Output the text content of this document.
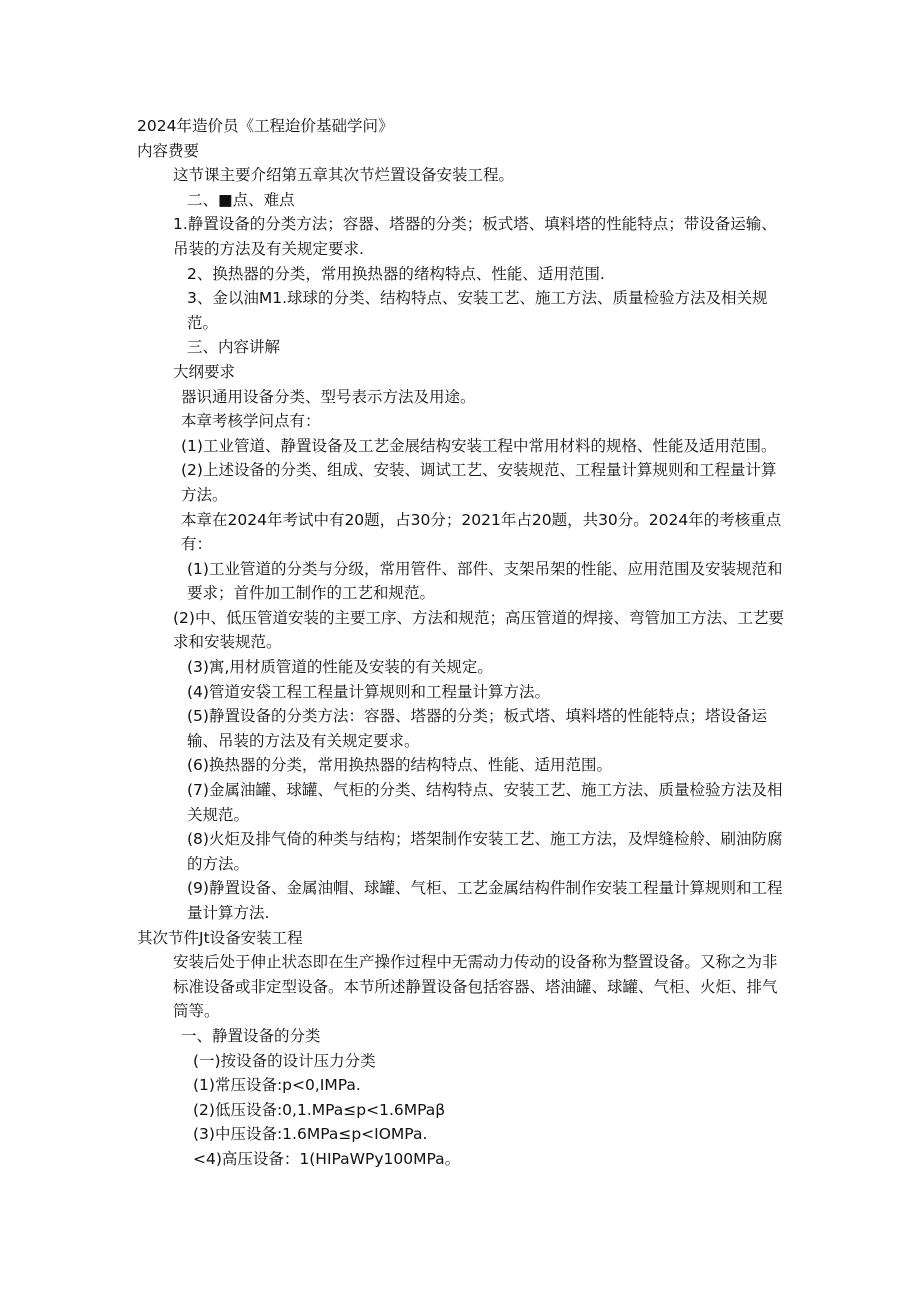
2024年造价员《工程迨价基础学问》

内容费要

这节课主要介绍第五章其次节烂置设备安装工程。

二、■点、难点

1.静置设备的分类方法；容器、塔器的分类；板式塔、填料塔的性能特点；带设备运输、吊装的方法及有关规定要求.

2、换热器的分类，常用换热器的绪构特点、性能、适用范围.

3、金以油M1.球球的分类、结构特点、安装工艺、施工方法、质量检验方法及相关规范。

三、内容讲解

大纲要求

器识通用设备分类、型号表示方法及用途。

本章考核学问点有：

(1)工业管道、静置设备及工艺金展结构安装工程中常用材料的规格、性能及适用范围。

(2)上述设备的分类、组成、安装、调试工艺、安装规范、工程量计算规则和工程量计算方法。

本章在2024年考试中有20题，占30分；2021年占20题，共30分。2024年的考核重点有：

(1)工业管道的分类与分级，常用管件、部件、支架吊架的性能、应用范围及安装规范和要求；首件加工制作的工艺和规范。

(2)中、低压管道安装的主要工序、方法和规范；高压管道的焊接、弯管加工方法、工艺要求和安装规范。

(3)寓,用材质管道的性能及安装的有关规定。

(4)管道安袋工程工程量计算规则和工程量计算方法。

(5)静置设备的分类方法：容器、塔器的分类；板式塔、填料塔的性能特点；塔设备运输、吊装的方法及有关规定要求。

(6)换热器的分类，常用换热器的结构特点、性能、适用范围。

(7)金属油罐、球罐、气柜的分类、结构特点、安装工艺、施工方法、质量检验方法及相关规范。

(8)火炬及排气倚的种类与结构；塔架制作安装工艺、施工方法，及焊缝检舲、刷油防腐的方法。

(9)静置设备、金属油帽、球罐、气柜、工艺金属结构件制作安装工程量计算规则和工程量计算方法.

其次节件Jt设备安装工程

安装后处于伸止状态即在生产操作过程中无需动力传动的设备称为整置设备。又称之为非标准设备或非定型设备。本节所述静置设备包括容器、塔油罐、球罐、气柜、火炬、排气筒等。

一、静置设备的分类

(一)按设备的设计压力分类

(1)常压设备:p<0,IMPa.

(2)低压设备:0,1.MPa≤p<1.6MPaβ

(3)中压设备:1.6MPa≤p<IOMPa.

<4)高压设备：1(HIPaWPy100MPa。
